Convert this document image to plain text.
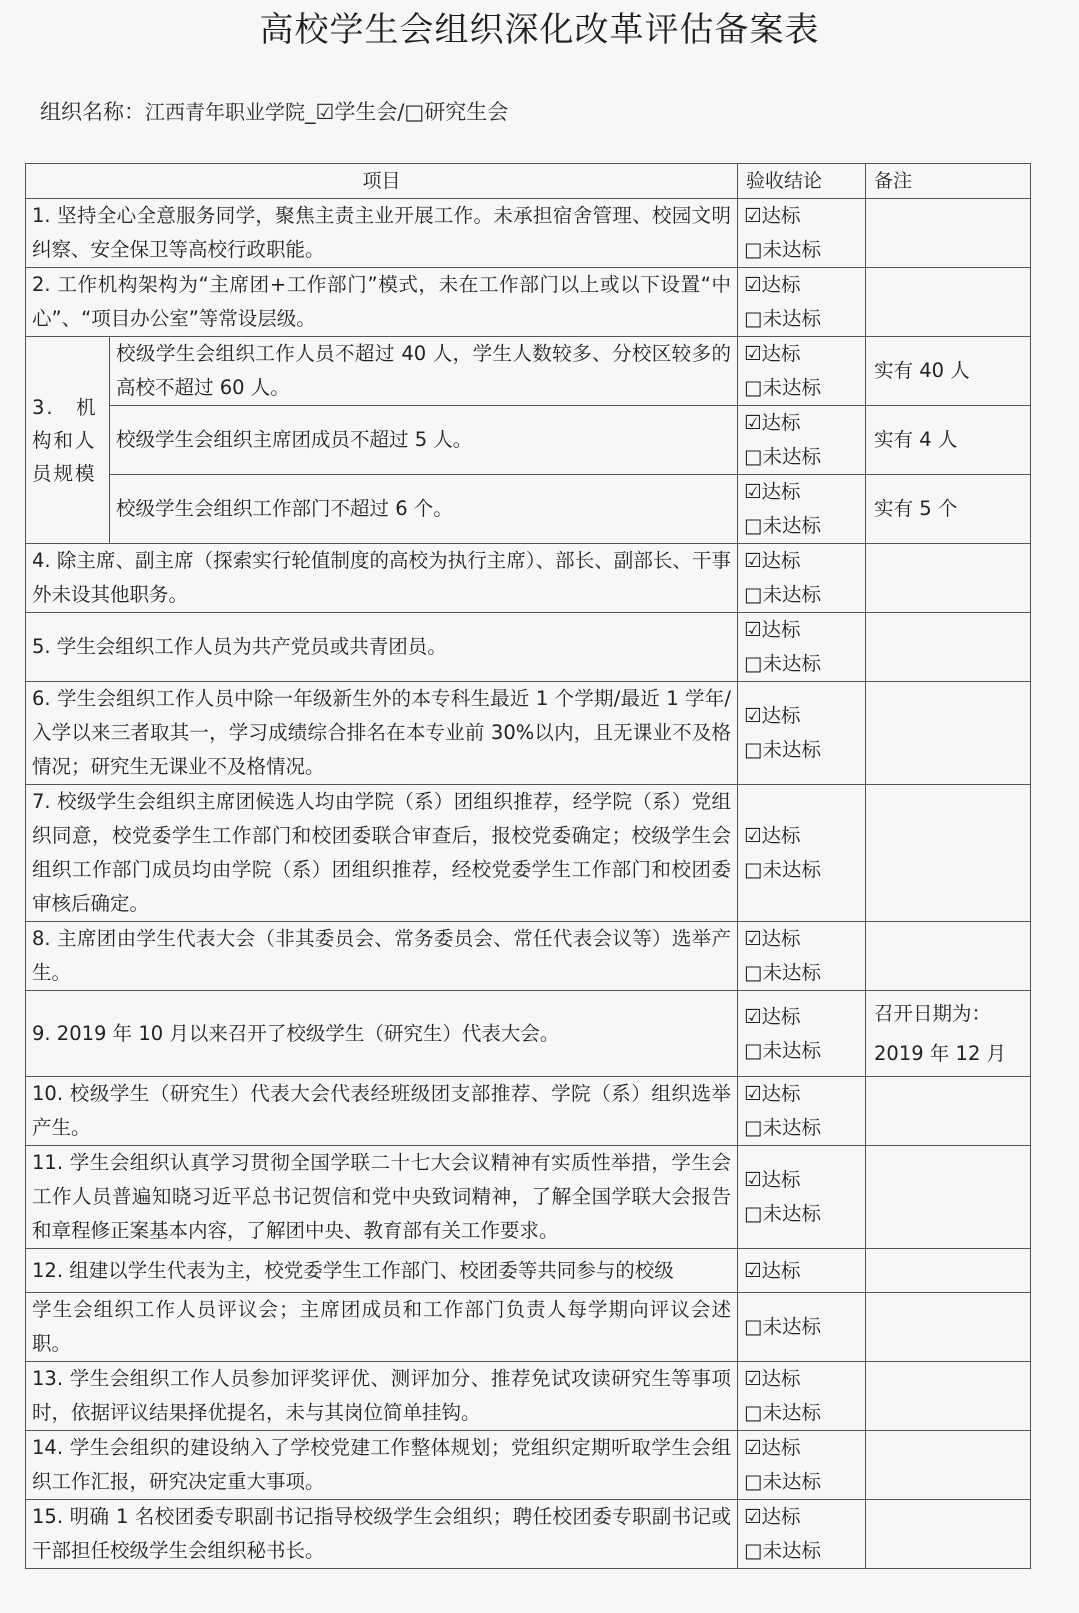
高校学生会组织深化改革评估备案表
组织名称：江西青年职业学院_☑学生会/□研究生会
项目		验收结论	备注
1. 坚持全心全意服务同学，聚焦主责主业开展工作。未承担宿舍管理、校园文明纠察、安全保卫等高校行政职能。		☑达标
□未达标	

2. 工作机构架构为“主席团+工作部门”模式，未在工作部门以上或以下设置“中心”、“项目办公室”等常设层级。		☑达标
□未达标	

3.　机构和人员规模	校级学生会组织工作人员不超过 40 人，学生人数较多、分校区较多的高校不超过 60 人。	☑达标
□未达标	实有 40 人
	校级学生会组织主席团成员不超过 5 人。	☑达标
□未达标	实有 4 人
	校级学生会组织工作部门不超过 6 个。	☑达标
□未达标	实有 5 个
4. 除主席、副主席（探索实行轮值制度的高校为执行主席）、部长、副部长、干事外未设其他职务。		☑达标
□未达标	

5. 学生会组织工作人员为共产党员或共青团员。		☑达标
□未达标	

6. 学生会组织工作人员中除一年级新生外的本专科生最近 1 个学期/最近 1 学年/入学以来三者取其一，学习成绩综合排名在本专业前 30%以内，且无课业不及格情况；研究生无课业不及格情况。		☑达标
□未达标	

7. 校级学生会组织主席团候选人均由学院（系）团组织推荐，经学院（系）党组织同意，校党委学生工作部门和校团委联合审查后，报校党委确定；校级学生会组织工作部门成员均由学院（系）团组织推荐，经校党委学生工作部门和校团委审核后确定。		☑达标
□未达标	

8. 主席团由学生代表大会（非其委员会、常务委员会、常任代表会议等）选举产生。		☑达标
□未达标	

9. 2019 年 10 月以来召开了校级学生（研究生）代表大会。		☑达标
□未达标	召开日期为：2019 年 12 月
10. 校级学生（研究生）代表大会代表经班级团支部推荐、学院（系）组织选举产生。		☑达标
□未达标	

11. 学生会组织认真学习贯彻全国学联二十七大会议精神有实质性举措，学生会工作人员普遍知晓习近平总书记贺信和党中央致词精神，了解全国学联大会报告和章程修正案基本内容，了解团中央、教育部有关工作要求。		☑达标
□未达标	

12. 组建以学生代表为主，校党委学生工作部门、校团委等共同参与的校级		☑达标	

学生会组织工作人员评议会；主席团成员和工作部门负责人每学期向评议会述职。		□未达标	

13. 学生会组织工作人员参加评奖评优、测评加分、推荐免试攻读研究生等事项时，依据评议结果择优提名，未与其岗位简单挂钩。		☑达标
□未达标	

14. 学生会组织的建设纳入了学校党建工作整体规划；党组织定期听取学生会组织工作汇报，研究决定重大事项。		☑达标
□未达标	

15. 明确 1 名校团委专职副书记指导校级学生会组织；聘任校团委专职副书记或干部担任校级学生会组织秘书长。		☑达标
□未达标	
